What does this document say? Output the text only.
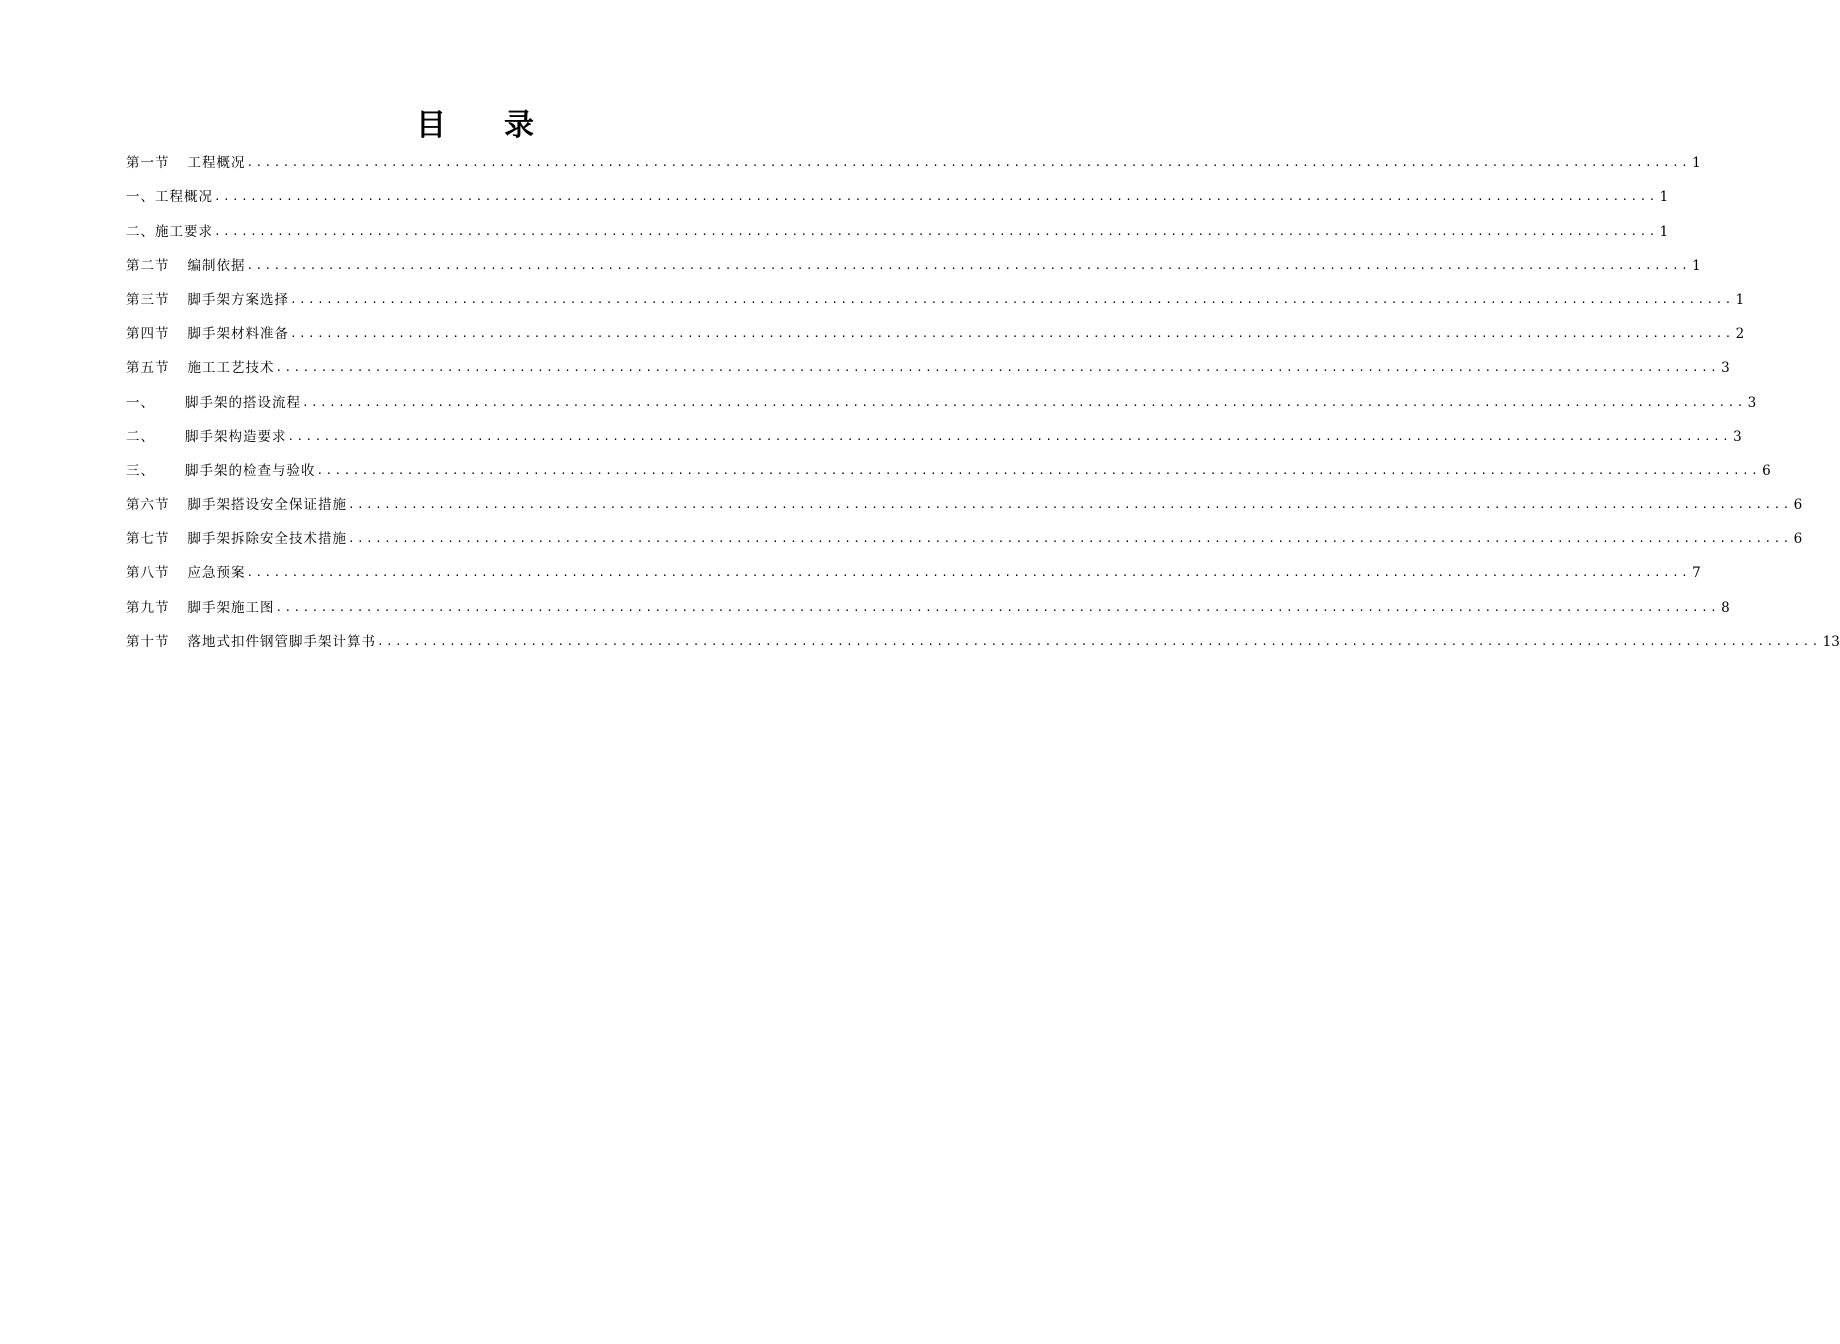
目 录
第一节 工程概况 ................................................................................................................................................................ 1
一、工程概况 ................................................................................................................................................................ 1
二、施工要求 ................................................................................................................................................................ 1
第二节 编制依据 ................................................................................................................................................................ 1
第三节 脚手架方案选择 ................................................................................................................................................................ 1
第四节 脚手架材料准备 ................................................................................................................................................................ 2
第五节 施工工艺技术 ................................................................................................................................................................ 3
一、 脚手架的搭设流程 ................................................................................................................................................................ 3
二、 脚手架构造要求 ................................................................................................................................................................ 3
三、 脚手架的检查与验收 ................................................................................................................................................................ 6
第六节 脚手架搭设安全保证措施 ................................................................................................................................................................ 6
第七节 脚手架拆除安全技术措施 ................................................................................................................................................................ 6
第八节 应急预案 ................................................................................................................................................................ 7
第九节 脚手架施工图 ................................................................................................................................................................ 8
第十节 落地式扣件钢管脚手架计算书 ................................................................................................................................................................ 13
